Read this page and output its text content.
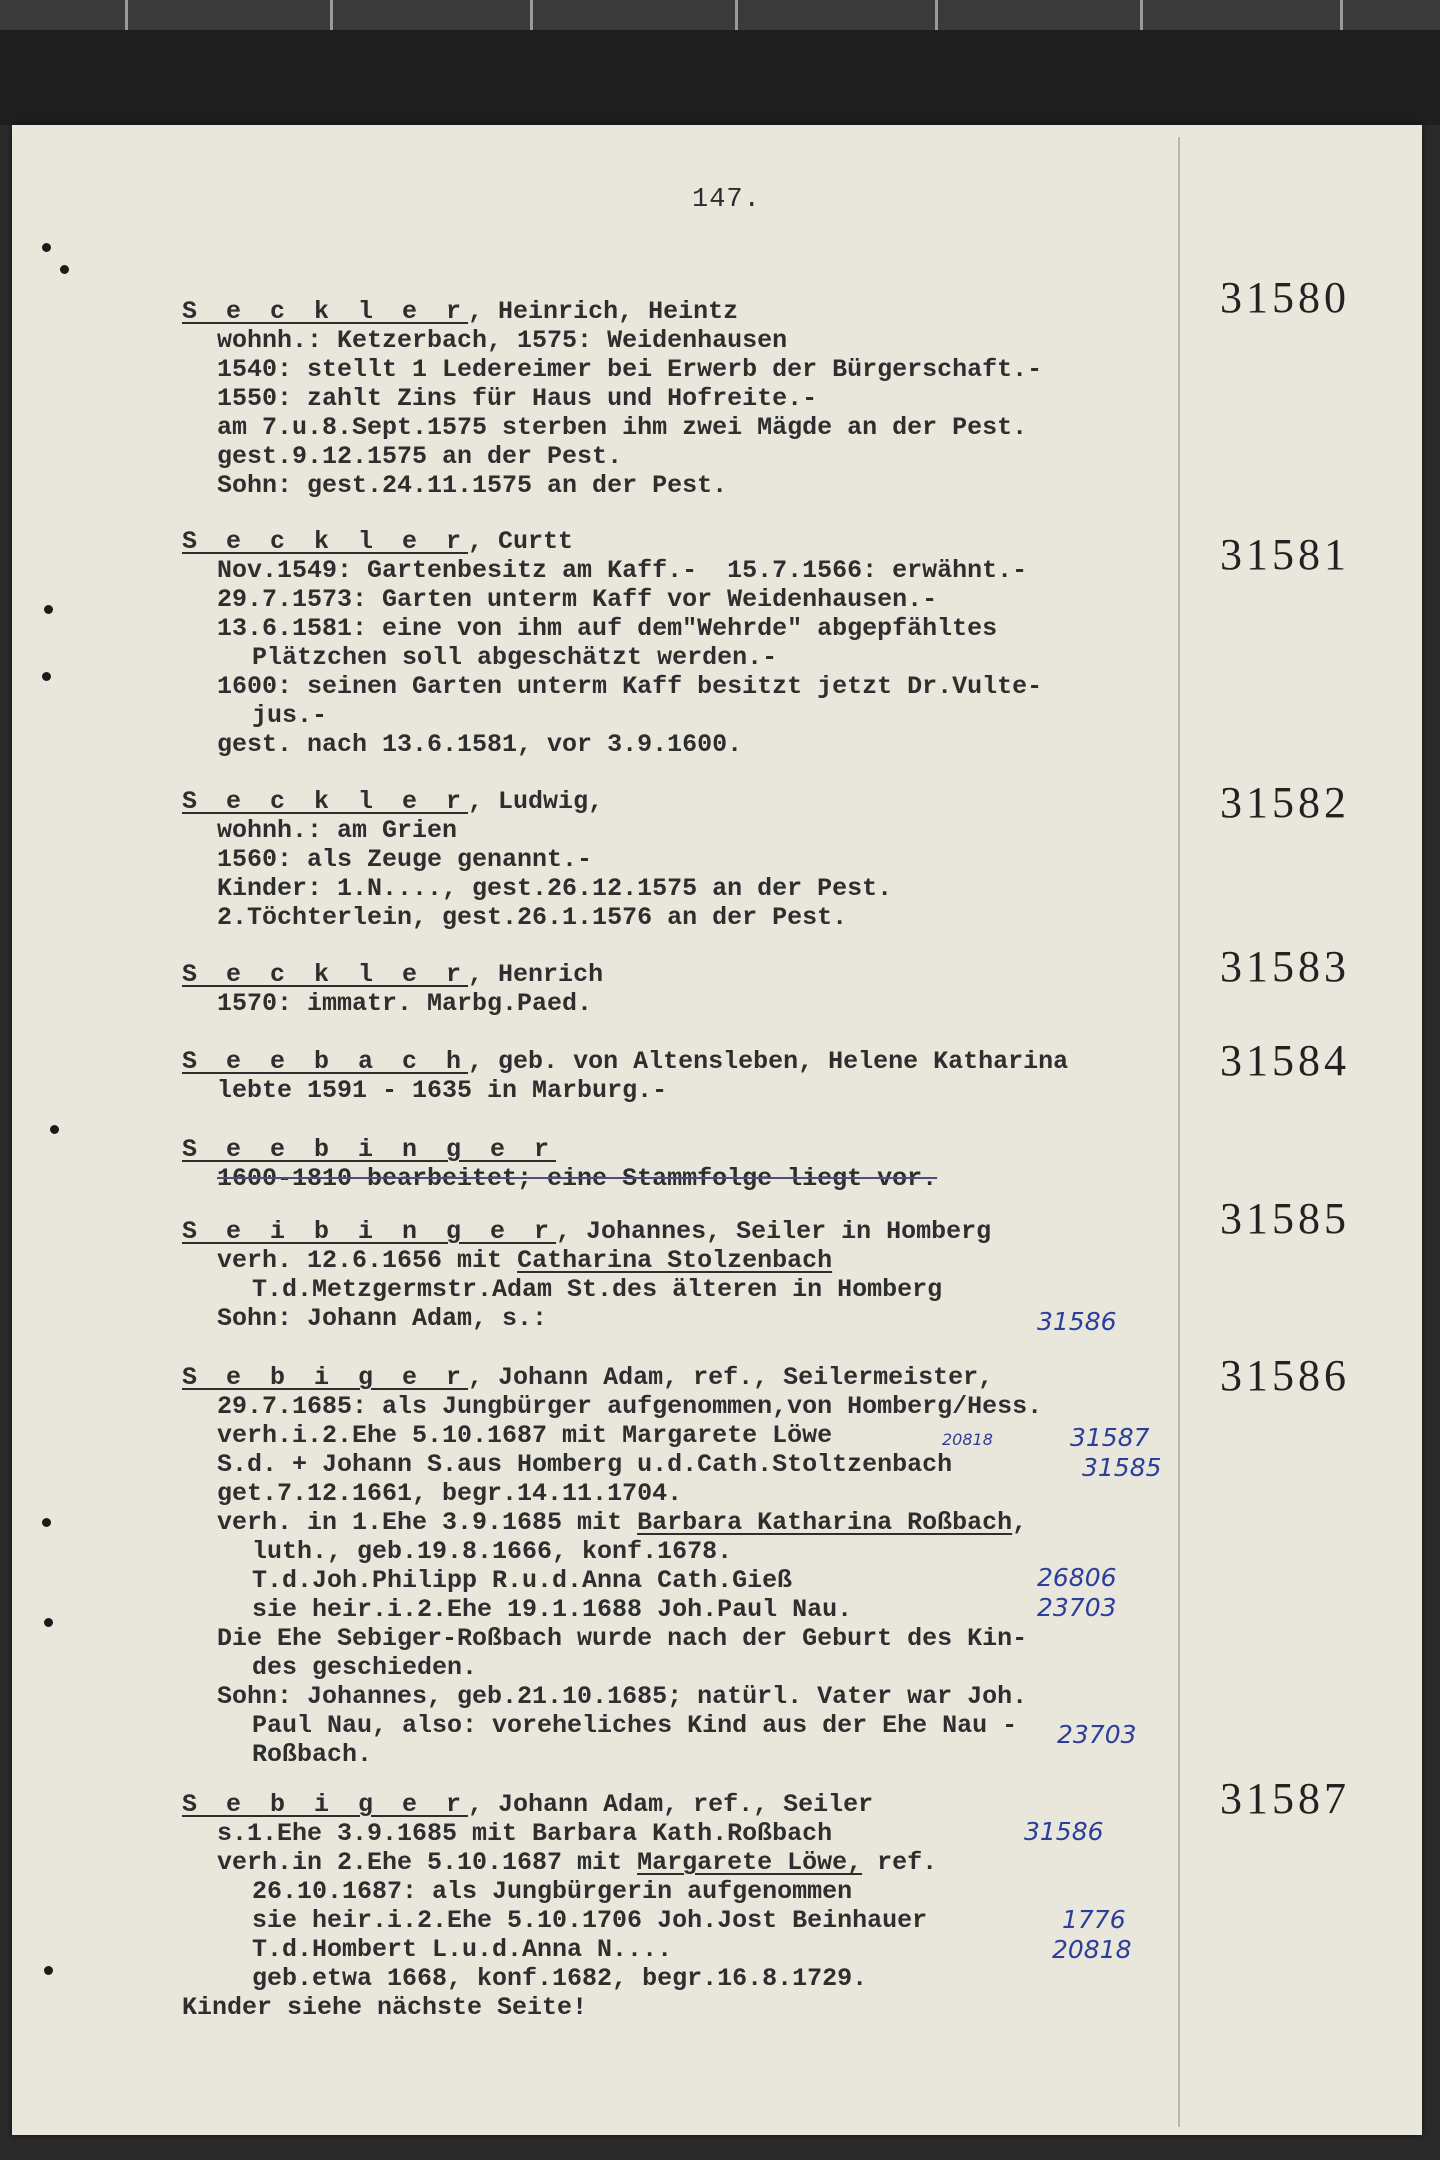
147.
S e c k l e r, Heinrich, Heintz
wohnh.: Ketzerbach, 1575: Weidenhausen
1540: stellt 1 Ledereimer bei Erwerb der Bürgerschaft.-
1550: zahlt Zins für Haus und Hofreite.-
am 7.u.8.Sept.1575 sterben ihm zwei Mägde an der Pest.
gest.9.12.1575 an der Pest.
Sohn: gest.24.11.1575 an der Pest.
31580
S e c k l e r, Curtt
Nov.1549: Gartenbesitz am Kaff.-  15.7.1566: erwähnt.-
29.7.1573: Garten unterm Kaff vor Weidenhausen.-
13.6.1581: eine von ihm auf dem"Wehrde" abgepfähltes
Plätzchen soll abgeschätzt werden.-
1600: seinen Garten unterm Kaff besitzt jetzt Dr.Vulte-
jus.-
gest. nach 13.6.1581, vor 3.9.1600.
31581
S e c k l e r, Ludwig,
wohnh.: am Grien
1560: als Zeuge genannt.-
Kinder: 1.N...., gest.26.12.1575 an der Pest.
2.Töchterlein, gest.26.1.1576 an der Pest.
31582
S e c k l e r, Henrich
1570: immatr. Marbg.Paed.
31583
S e e b a c h, geb. von Altensleben, Helene Katharina
lebte 1591 - 1635 in Marburg.-
31584
S e e b i n g e r
1600-1810 bearbeitet; eine Stammfolge liegt vor.
S e i b i n g e r, Johannes, Seiler in Homberg
verh. 12.6.1656 mit Catharina Stolzenbach
T.d.Metzgermstr.Adam St.des älteren in Homberg
Sohn: Johann Adam, s.:
31585
31586
S e b i g e r, Johann Adam, ref., Seilermeister,
29.7.1685: als Jungbürger aufgenommen,von Homberg/Hess.
verh.i.2.Ehe 5.10.1687 mit Margarete Löwe
S.d. + Johann S.aus Homberg u.d.Cath.Stoltzenbach
get.7.12.1661, begr.14.11.1704.
verh. in 1.Ehe 3.9.1685 mit Barbara Katharina Roßbach,
luth., geb.19.8.1666, konf.1678.
T.d.Joh.Philipp R.u.d.Anna Cath.Gieß
sie heir.i.2.Ehe 19.1.1688 Joh.Paul Nau.
Die Ehe Sebiger-Roßbach wurde nach der Geburt des Kin-
des geschieden.
Sohn: Johannes, geb.21.10.1685; natürl. Vater war Joh.
Paul Nau, also: voreheliches Kind aus der Ehe Nau -
Roßbach.
31586
20818	31587
31585
26806
23703
23703
S e b i g e r, Johann Adam, ref., Seiler
s.1.Ehe 3.9.1685 mit Barbara Kath.Roßbach
verh.in 2.Ehe 5.10.1687 mit Margarete Löwe, ref.
26.10.1687: als Jungbürgerin aufgenommen
sie heir.i.2.Ehe 5.10.1706 Joh.Jost Beinhauer
T.d.Hombert L.u.d.Anna N....
geb.etwa 1668, konf.1682, begr.16.8.1729.
Kinder siehe nächste Seite!
31587
31586
1776
20818
